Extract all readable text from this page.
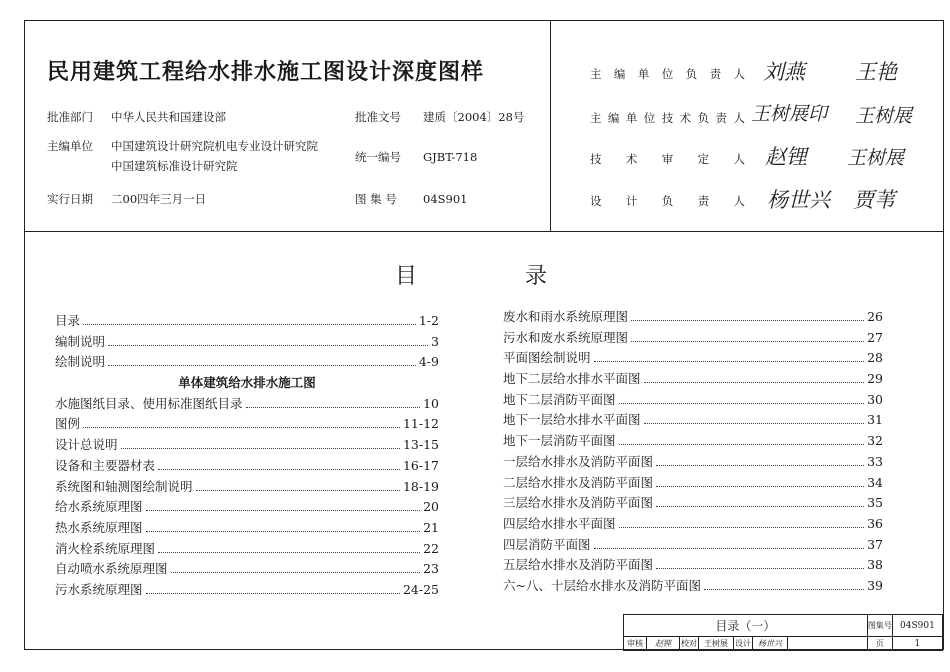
民用建筑工程给水排水施工图设计深度图样
批准部门 中华人民共和国建设部	批准文号 建质〔2004〕28号
主编单位 中国建筑设计研究院机电专业设计研究院
中国建筑标准设计研究院
统一编号 GJBT-718
实行日期 二00四年三月一日	图 集 号 04S901
主编单位负责人 刘燕 王艳
主编单位技术负责人 王树展印 王树展
技术审定人 赵锂 王树展
设计负责人 杨世兴 贾苇
目	录
目录	1-2
编制说明	3
绘制说明	4-9
单体建筑给水排水施工图
水施图纸目录、使用标准图纸目录	10
图例	11-12
设计总说明	13-15
设备和主要器材表	16-17
系统图和轴测图绘制说明	18-19
给水系统原理图	20
热水系统原理图	21
消火栓系统原理图	22
自动喷水系统原理图	23
污水系统原理图	24-25
废水和雨水系统原理图	26
污水和废水系统原理图	27
平面图绘制说明	28
地下二层给水排水平面图	29
地下二层消防平面图	30
地下一层给水排水平面图	31
地下一层消防平面图	32
一层给水排水及消防平面图	33
二层给水排水及消防平面图	34
三层给水排水及消防平面图	35
四层给水排水平面图	36
四层消防平面图	37
五层给水排水及消防平面图	38
六~八、十层给水排水及消防平面图	39
目录（一）							图集号	04S901
审核	赵锂	校对	王树展	设计	杨世兴		页	1
